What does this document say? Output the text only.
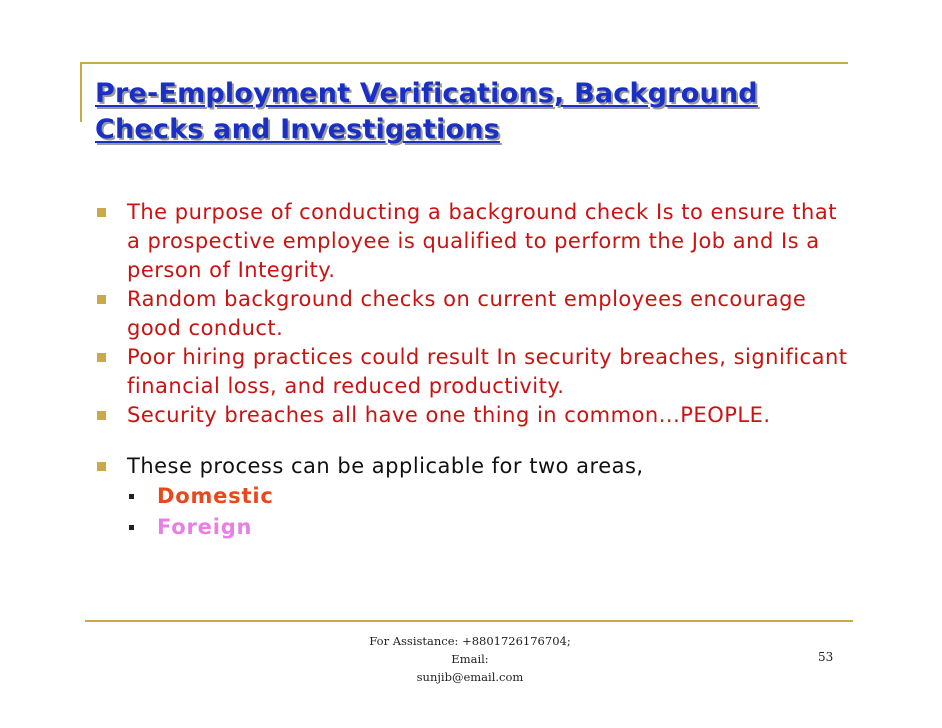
Pre-Employment Verifications, Background
Checks and Investigations
The purpose of conducting a background check Is to ensure that a prospective employee is qualified to perform the Job and Is a person of Integrity.
Random background checks on current employees encourage good conduct.
Poor hiring practices could result In security breaches, significant financial loss, and reduced productivity.
Security breaches all have one thing in common...PEOPLE.
These process can be applicable for two areas,
Domestic
Foreign
For Assistance: +8801726176704; Email:
sunjib@email.com
53
